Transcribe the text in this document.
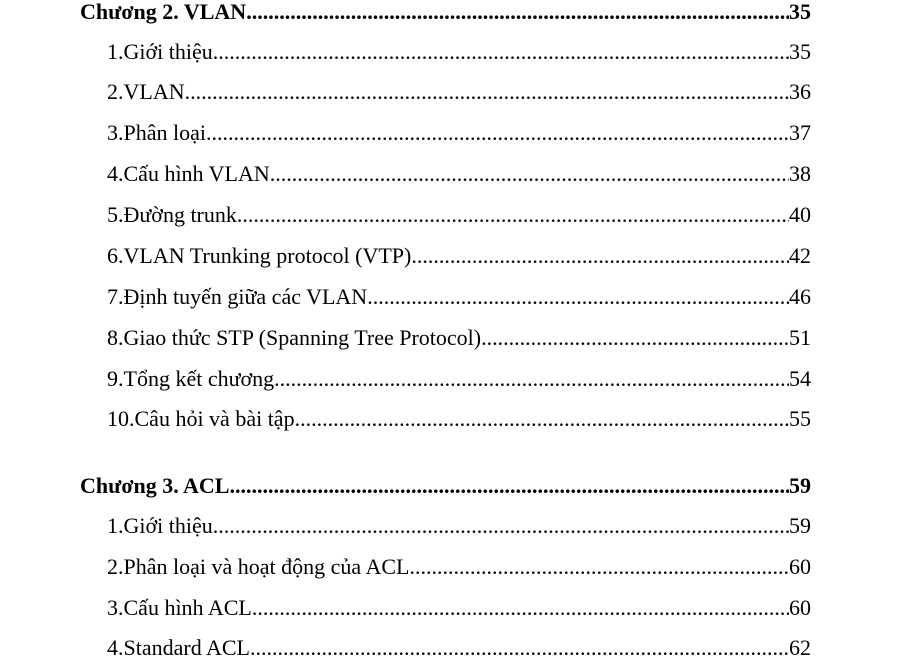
Chương 2. VLAN .....	35
1. Giới thiệu .....	35
2. VLAN .....	36
3. Phân loại .....	37
4. Cấu hình VLAN .....	38
5. Đường trunk .....	40
6. VLAN Trunking protocol (VTP) .....	42
7. Định tuyến giữa các VLAN .....	46
8. Giao thức STP (Spanning Tree Protocol) .....	51
9. Tổng kết chương .....	54
10. Câu hỏi và bài tập .....	55
Chương 3. ACL .....	59
1. Giới thiệu .....	59
2. Phân loại và hoạt động của ACL .....	60
3. Cấu hình ACL .....	60
4. Standard ACL .....	62
